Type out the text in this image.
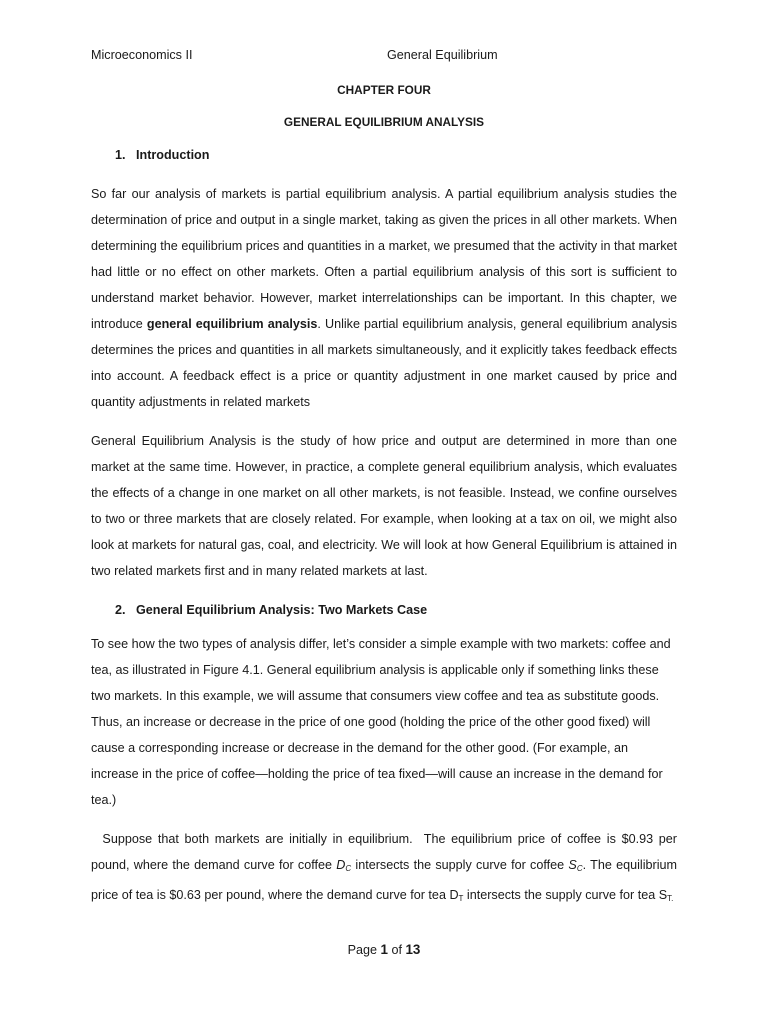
Microeconomics II	General Equilibrium
CHAPTER FOUR
GENERAL EQUILIBRIUM ANALYSIS
1. Introduction

So far our analysis of markets is partial equilibrium analysis. A partial equilibrium analysis studies the determination of price and output in a single market, taking as given the prices in all other markets. When determining the equilibrium prices and quantities in a market, we presumed that the activity in that market had little or no effect on other markets. Often a partial equilibrium analysis of this sort is sufficient to understand market behavior. However, market interrelationships can be important. In this chapter, we introduce general equilibrium analysis. Unlike partial equilibrium analysis, general equilibrium analysis determines the prices and quantities in all markets simultaneously, and it explicitly takes feedback effects into account. A feedback effect is a price or quantity adjustment in one market caused by price and quantity adjustments in related markets

General Equilibrium Analysis is the study of how price and output are determined in more than one market at the same time. However, in practice, a complete general equilibrium analysis, which evaluates the effects of a change in one market on all other markets, is not feasible. Instead, we confine ourselves to two or three markets that are closely related. For example, when looking at a tax on oil, we might also look at markets for natural gas, coal, and electricity. We will look at how General Equilibrium is attained in two related markets first and in many related markets at last.

2. General Equilibrium Analysis: Two Markets Case

To see how the two types of analysis differ, let’s consider a simple example with two markets: coffee and tea, as illustrated in Figure 4.1. General equilibrium analysis is applicable only if something links these two markets. In this example, we will assume that consumers view coffee and tea as substitute goods. Thus, an increase or decrease in the price of one good (holding the price of the other good fixed) will cause a corresponding increase or decrease in the demand for the other good. (For example, an increase in the price of coffee—holding the price of tea fixed—will cause an increase in the demand for tea.)

Suppose that both markets are initially in equilibrium.  The equilibrium price of coffee is $0.93 per pound, where the demand curve for coffee $D_C$ intersects the supply curve for coffee $S_C$. The equilibrium price of tea is $0.63 per pound, where the demand curve for tea $D_T$ intersects the supply curve for tea $S_{T.}$

Page 1 of 13
